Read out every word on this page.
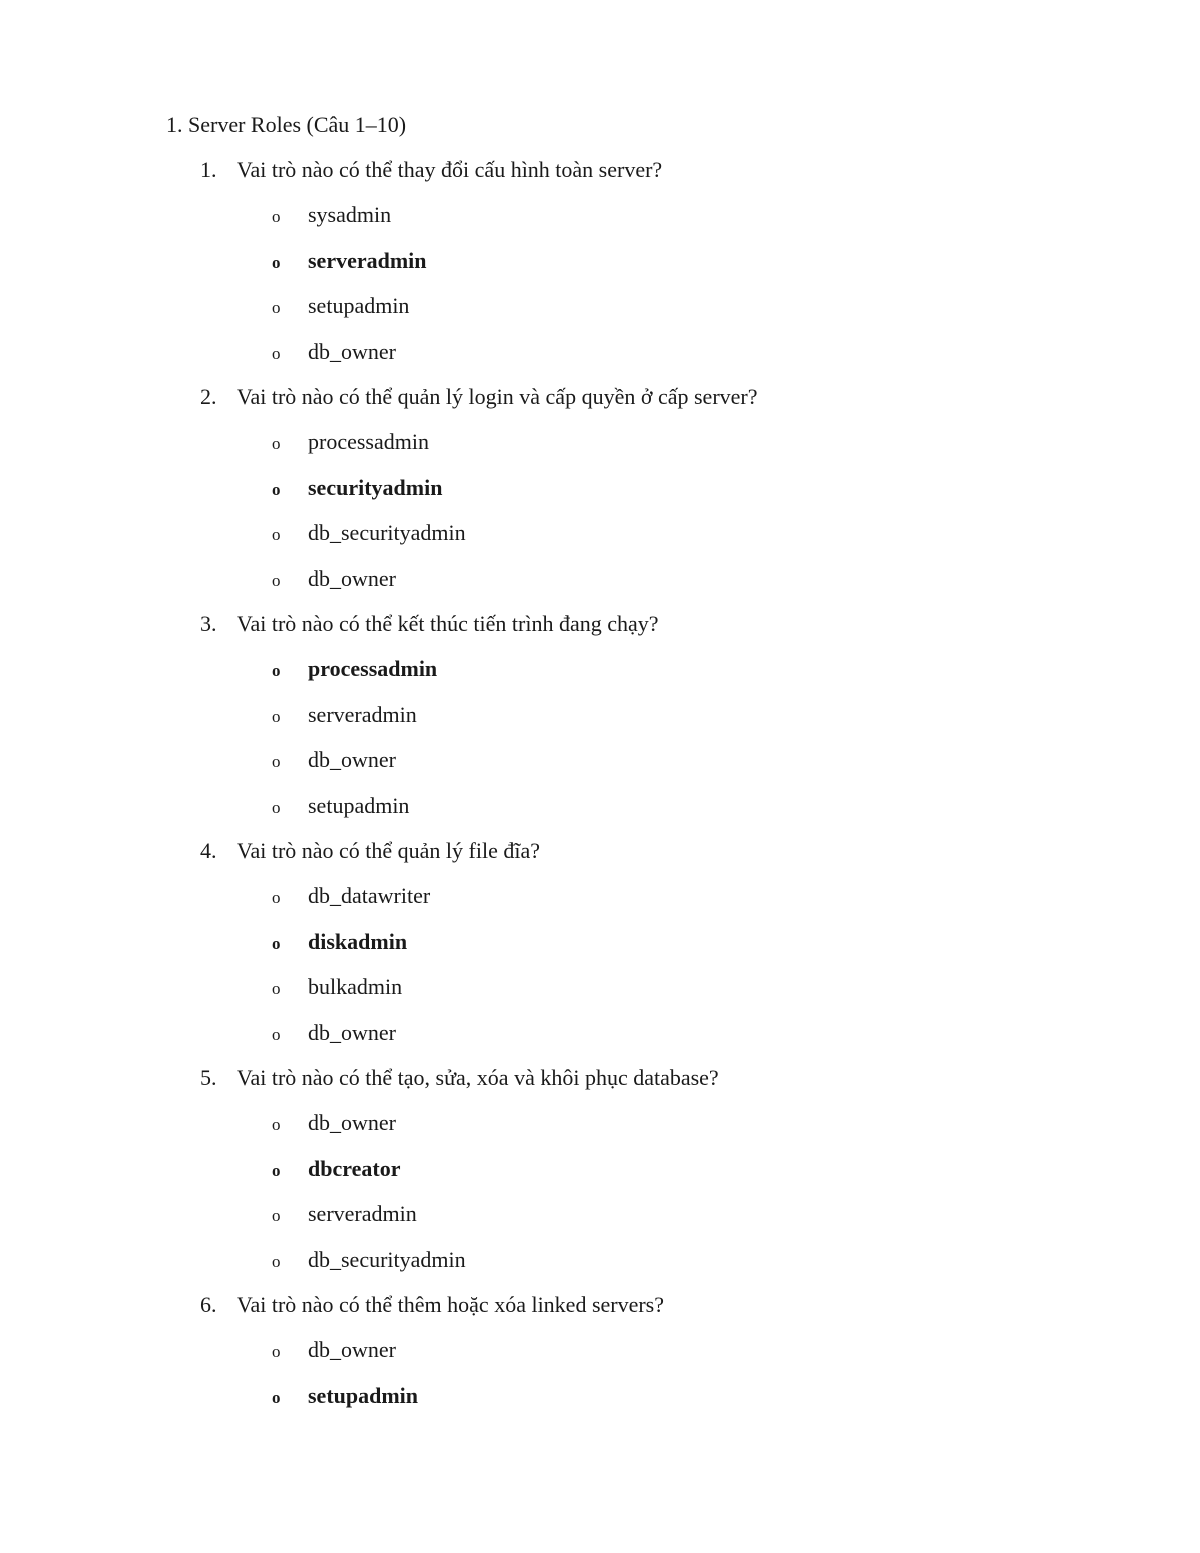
1. Server Roles (Câu 1–10)
1. Vai trò nào có thể thay đổi cấu hình toàn server?
o sysadmin
o serveradmin
o setupadmin
o db_owner
2. Vai trò nào có thể quản lý login và cấp quyền ở cấp server?
o processadmin
o securityadmin
o db_securityadmin
o db_owner
3. Vai trò nào có thể kết thúc tiến trình đang chạy?
o processadmin
o serveradmin
o db_owner
o setupadmin
4. Vai trò nào có thể quản lý file đĩa?
o db_datawriter
o diskadmin
o bulkadmin
o db_owner
5. Vai trò nào có thể tạo, sửa, xóa và khôi phục database?
o db_owner
o dbcreator
o serveradmin
o db_securityadmin
6. Vai trò nào có thể thêm hoặc xóa linked servers?
o db_owner
o setupadmin
